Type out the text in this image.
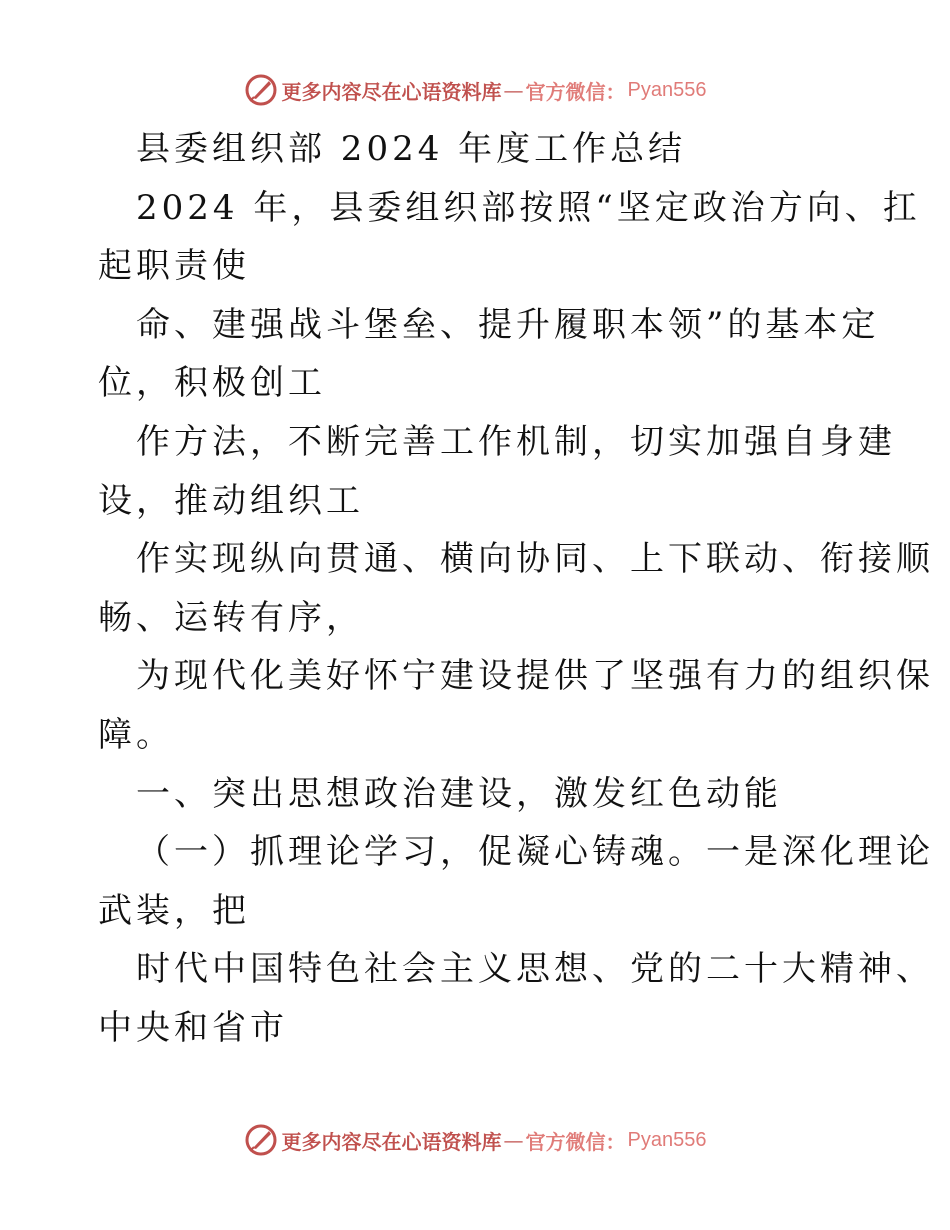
更多内容尽在心语资料库 — 官方微信： Pyan556
县委组织部 2024 年度工作总结
2024 年，县委组织部按照“坚定政治方向、扛
起职责使
命、建强战斗堡垒、提升履职本领”的基本定
位，积极创工
作方法，不断完善工作机制，切实加强自身建
设，推动组织工
作实现纵向贯通、横向协同、上下联动、衔接顺
畅、运转有序，
为现代化美好怀宁建设提供了坚强有力的组织保
障。
一、突出思想政治建设，激发红色动能
（一）抓理论学习，促凝心铸魂。一是深化理论
武装，把
时代中国特色社会主义思想、党的二十大精神、
中央和省市
更多内容尽在心语资料库 — 官方微信： Pyan556
